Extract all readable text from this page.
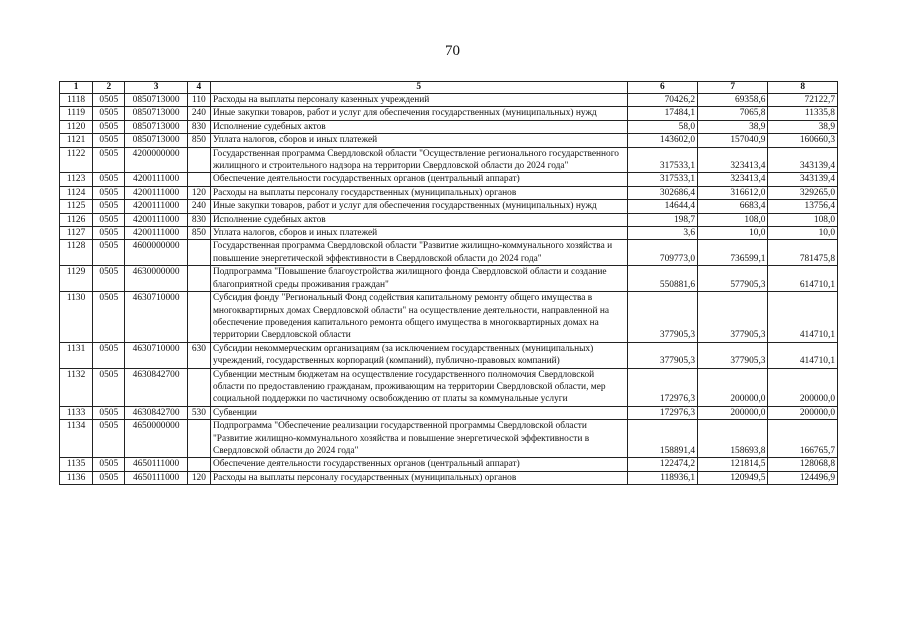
70
1	2	3	4	5	6	7	8
1118	0505	0850713000	110	Расходы на выплаты персоналу казенных учреждений	70426,2	69358,6	72122,7
1119	0505	0850713000	240	Иные закупки товаров, работ и услуг для обеспечения государственных (муниципальных) нужд	17484,1	7065,8	11335,8
1120	0505	0850713000	830	Исполнение судебных актов	58,0	38,9	38,9
1121	0505	0850713000	850	Уплата налогов, сборов и иных платежей	143602,0	157040,9	160660,3
1122	0505	4200000000		Государственная программа Свердловской области "Осуществление регионального государственного жилищного и строительного надзора на территории Свердловской области до 2024 года"	317533,1	323413,4	343139,4
1123	0505	4200111000		Обеспечение деятельности государственных органов (центральный аппарат)	317533,1	323413,4	343139,4
1124	0505	4200111000	120	Расходы на выплаты персоналу государственных (муниципальных) органов	302686,4	316612,0	329265,0
1125	0505	4200111000	240	Иные закупки товаров, работ и услуг для обеспечения государственных (муниципальных) нужд	14644,4	6683,4	13756,4
1126	0505	4200111000	830	Исполнение судебных актов	198,7	108,0	108,0
1127	0505	4200111000	850	Уплата налогов, сборов и иных платежей	3,6	10,0	10,0
1128	0505	4600000000		Государственная программа Свердловской области "Развитие жилищно-коммунального хозяйства и повышение энергетической эффективности в Свердловской области до 2024 года"	709773,0	736599,1	781475,8
1129	0505	4630000000		Подпрограмма "Повышение благоустройства жилищного фонда Свердловской области и создание благоприятной среды проживания граждан"	550881,6	577905,3	614710,1
1130	0505	4630710000		Субсидия фонду "Региональный Фонд содействия капитальному ремонту общего имущества в многоквартирных домах Свердловской области" на осуществление деятельности, направленной на обеспечение проведения капитального ремонта общего имущества в многоквартирных домах на территории Свердловской области	377905,3	377905,3	414710,1
1131	0505	4630710000	630	Субсидии некоммерческим организациям (за исключением государственных (муниципальных) учреждений, государственных корпораций (компаний), публично-правовых компаний)	377905,3	377905,3	414710,1
1132	0505	4630842700		Субвенции местным бюджетам на осуществление государственного полномочия Свердловской области по предоставлению гражданам, проживающим на территории Свердловской области, мер социальной поддержки по частичному освобождению от платы за коммунальные услуги	172976,3	200000,0	200000,0
1133	0505	4630842700	530	Субвенции	172976,3	200000,0	200000,0
1134	0505	4650000000		Подпрограмма "Обеспечение реализации государственной программы Свердловской области "Развитие жилищно-коммунального хозяйства и повышение энергетической эффективности в Свердловской области до 2024 года"	158891,4	158693,8	166765,7
1135	0505	4650111000		Обеспечение деятельности государственных органов (центральный аппарат)	122474,2	121814,5	128068,8
1136	0505	4650111000	120	Расходы на выплаты персоналу государственных (муниципальных) органов	118936,1	120949,5	124496,9
